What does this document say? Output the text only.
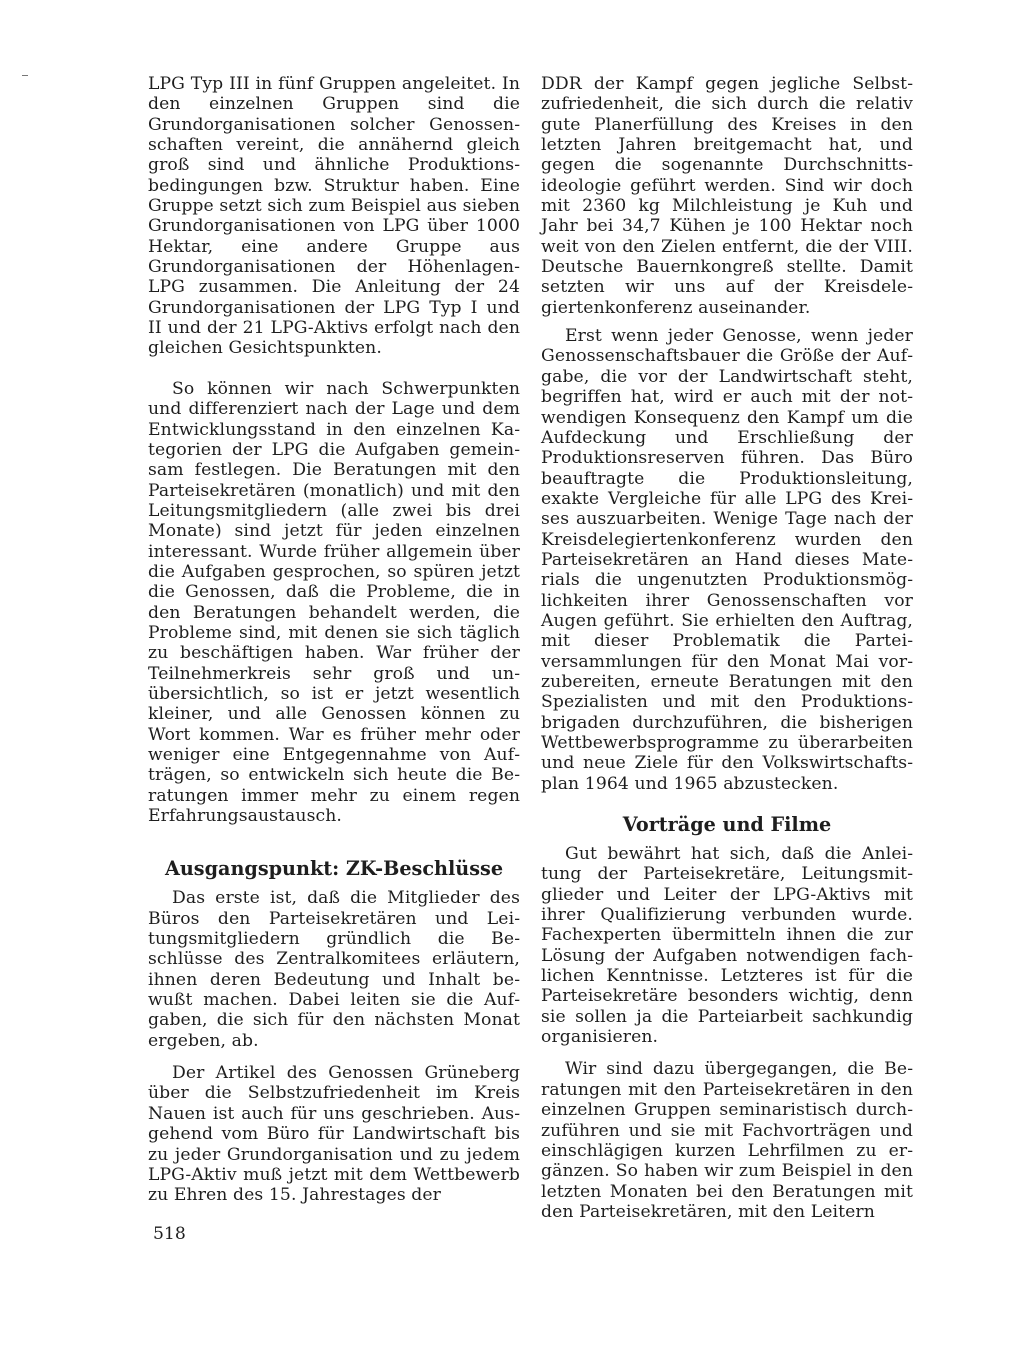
LPG Typ III in fünf Gruppen angeleitet. In den einzelnen Gruppen sind die Grundorganisationen solcher Genossenschaften vereint, die annähernd gleich groß sind und ähnliche Produktionsbedingungen bzw. Struktur haben. Eine Gruppe setzt sich zum Beispiel aus sieben Grundorganisationen von LPG über 1000 Hektar, eine andere Gruppe aus Grundorganisationen der Höhenlagen-LPG zusammen. Die Anleitung der 24 Grundorganisationen der LPG Typ I und II und der 21 LPG-Aktivs erfolgt nach den gleichen Gesichtspunkten.

So können wir nach Schwerpunkten und differenziert nach der Lage und dem Entwicklungsstand in den einzelnen Kategorien der LPG die Aufgaben gemeinsam festlegen. Die Beratungen mit den Parteisekretären (monatlich) und mit den Leitungsmitgliedern (alle zwei bis drei Monate) sind jetzt für jeden einzelnen interessant. Wurde früher allgemein über die Aufgaben gesprochen, so spüren jetzt die Genossen, daß die Probleme, die in den Beratungen behandelt werden, die Probleme sind, mit denen sie sich täglich zu beschäftigen haben. War früher der Teilnehmerkreis sehr groß und unübersichtlich, so ist er jetzt wesentlich kleiner, und alle Genossen können zu Wort kommen. War es früher mehr oder weniger eine Entgegennahme von Aufträgen, so entwickeln sich heute die Beratungen immer mehr zu einem regen Erfahrungsaustausch.

Ausgangspunkt: ZK-Beschlüsse

Das erste ist, daß die Mitglieder des Büros den Parteisekretären und Leitungsmitgliedern gründlich die Beschlüsse des Zentralkomitees erläutern, ihnen deren Bedeutung und Inhalt bewußt machen. Dabei leiten sie die Aufgaben, die sich für den nächsten Monat ergeben, ab.

Der Artikel des Genossen Grüneberg über die Selbstzufriedenheit im Kreis Nauen ist auch für uns geschrieben. Ausgehend vom Büro für Landwirtschaft bis zu jeder Grundorganisation und zu jedem LPG-Aktiv muß jetzt mit dem Wettbewerb zu Ehren des 15. Jahrestages der

DDR der Kampf gegen jegliche Selbstzufriedenheit, die sich durch die relativ gute Planerfüllung des Kreises in den letzten Jahren breitgemacht hat, und gegen die sogenannte Durchschnittsideologie geführt werden. Sind wir doch mit 2360 kg Milchleistung je Kuh und Jahr bei 34,7 Kühen je 100 Hektar noch weit von den Zielen entfernt, die der VIII. Deutsche Bauernkongreß stellte. Damit setzten wir uns auf der Kreisdelegiertenkonferenz auseinander.

Erst wenn jeder Genosse, wenn jeder Genossenschaftsbauer die Größe der Aufgabe, die vor der Landwirtschaft steht, begriffen hat, wird er auch mit der notwendigen Konsequenz den Kampf um die Aufdeckung und Erschließung der Produktionsreserven führen. Das Büro beauftragte die Produktionsleitung, exakte Vergleiche für alle LPG des Kreises auszuarbeiten. Wenige Tage nach der Kreisdelegiertenkonferenz wurden den Parteisekretären an Hand dieses Materials die ungenutzten Produktionsmöglichkeiten ihrer Genossenschaften vor Augen geführt. Sie erhielten den Auftrag, mit dieser Problematik die Parteiversammlungen für den Monat Mai vorzubereiten, erneute Beratungen mit den Spezialisten und mit den Produktionsbrigaden durchzuführen, die bisherigen Wettbewerbsprogramme zu überarbeiten und neue Ziele für den Volkswirtschaftsplan 1964 und 1965 abzustecken.

Vorträge und Filme

Gut bewährt hat sich, daß die Anleitung der Parteisekretäre, Leitungsmitglieder und Leiter der LPG-Aktivs mit ihrer Qualifizierung verbunden wurde. Fachexperten übermitteln ihnen die zur Lösung der Aufgaben notwendigen fachlichen Kenntnisse. Letzteres ist für die Parteisekretäre besonders wichtig, denn sie sollen ja die Parteiarbeit sachkundig organisieren.

Wir sind dazu übergegangen, die Beratungen mit den Parteisekretären in den einzelnen Gruppen seminaristisch durchzuführen und sie mit Fachvorträgen und einschlägigen kurzen Lehrfilmen zu ergänzen. So haben wir zum Beispiel in den letzten Monaten bei den Beratungen mit den Parteisekretären, mit den Leitern

518
